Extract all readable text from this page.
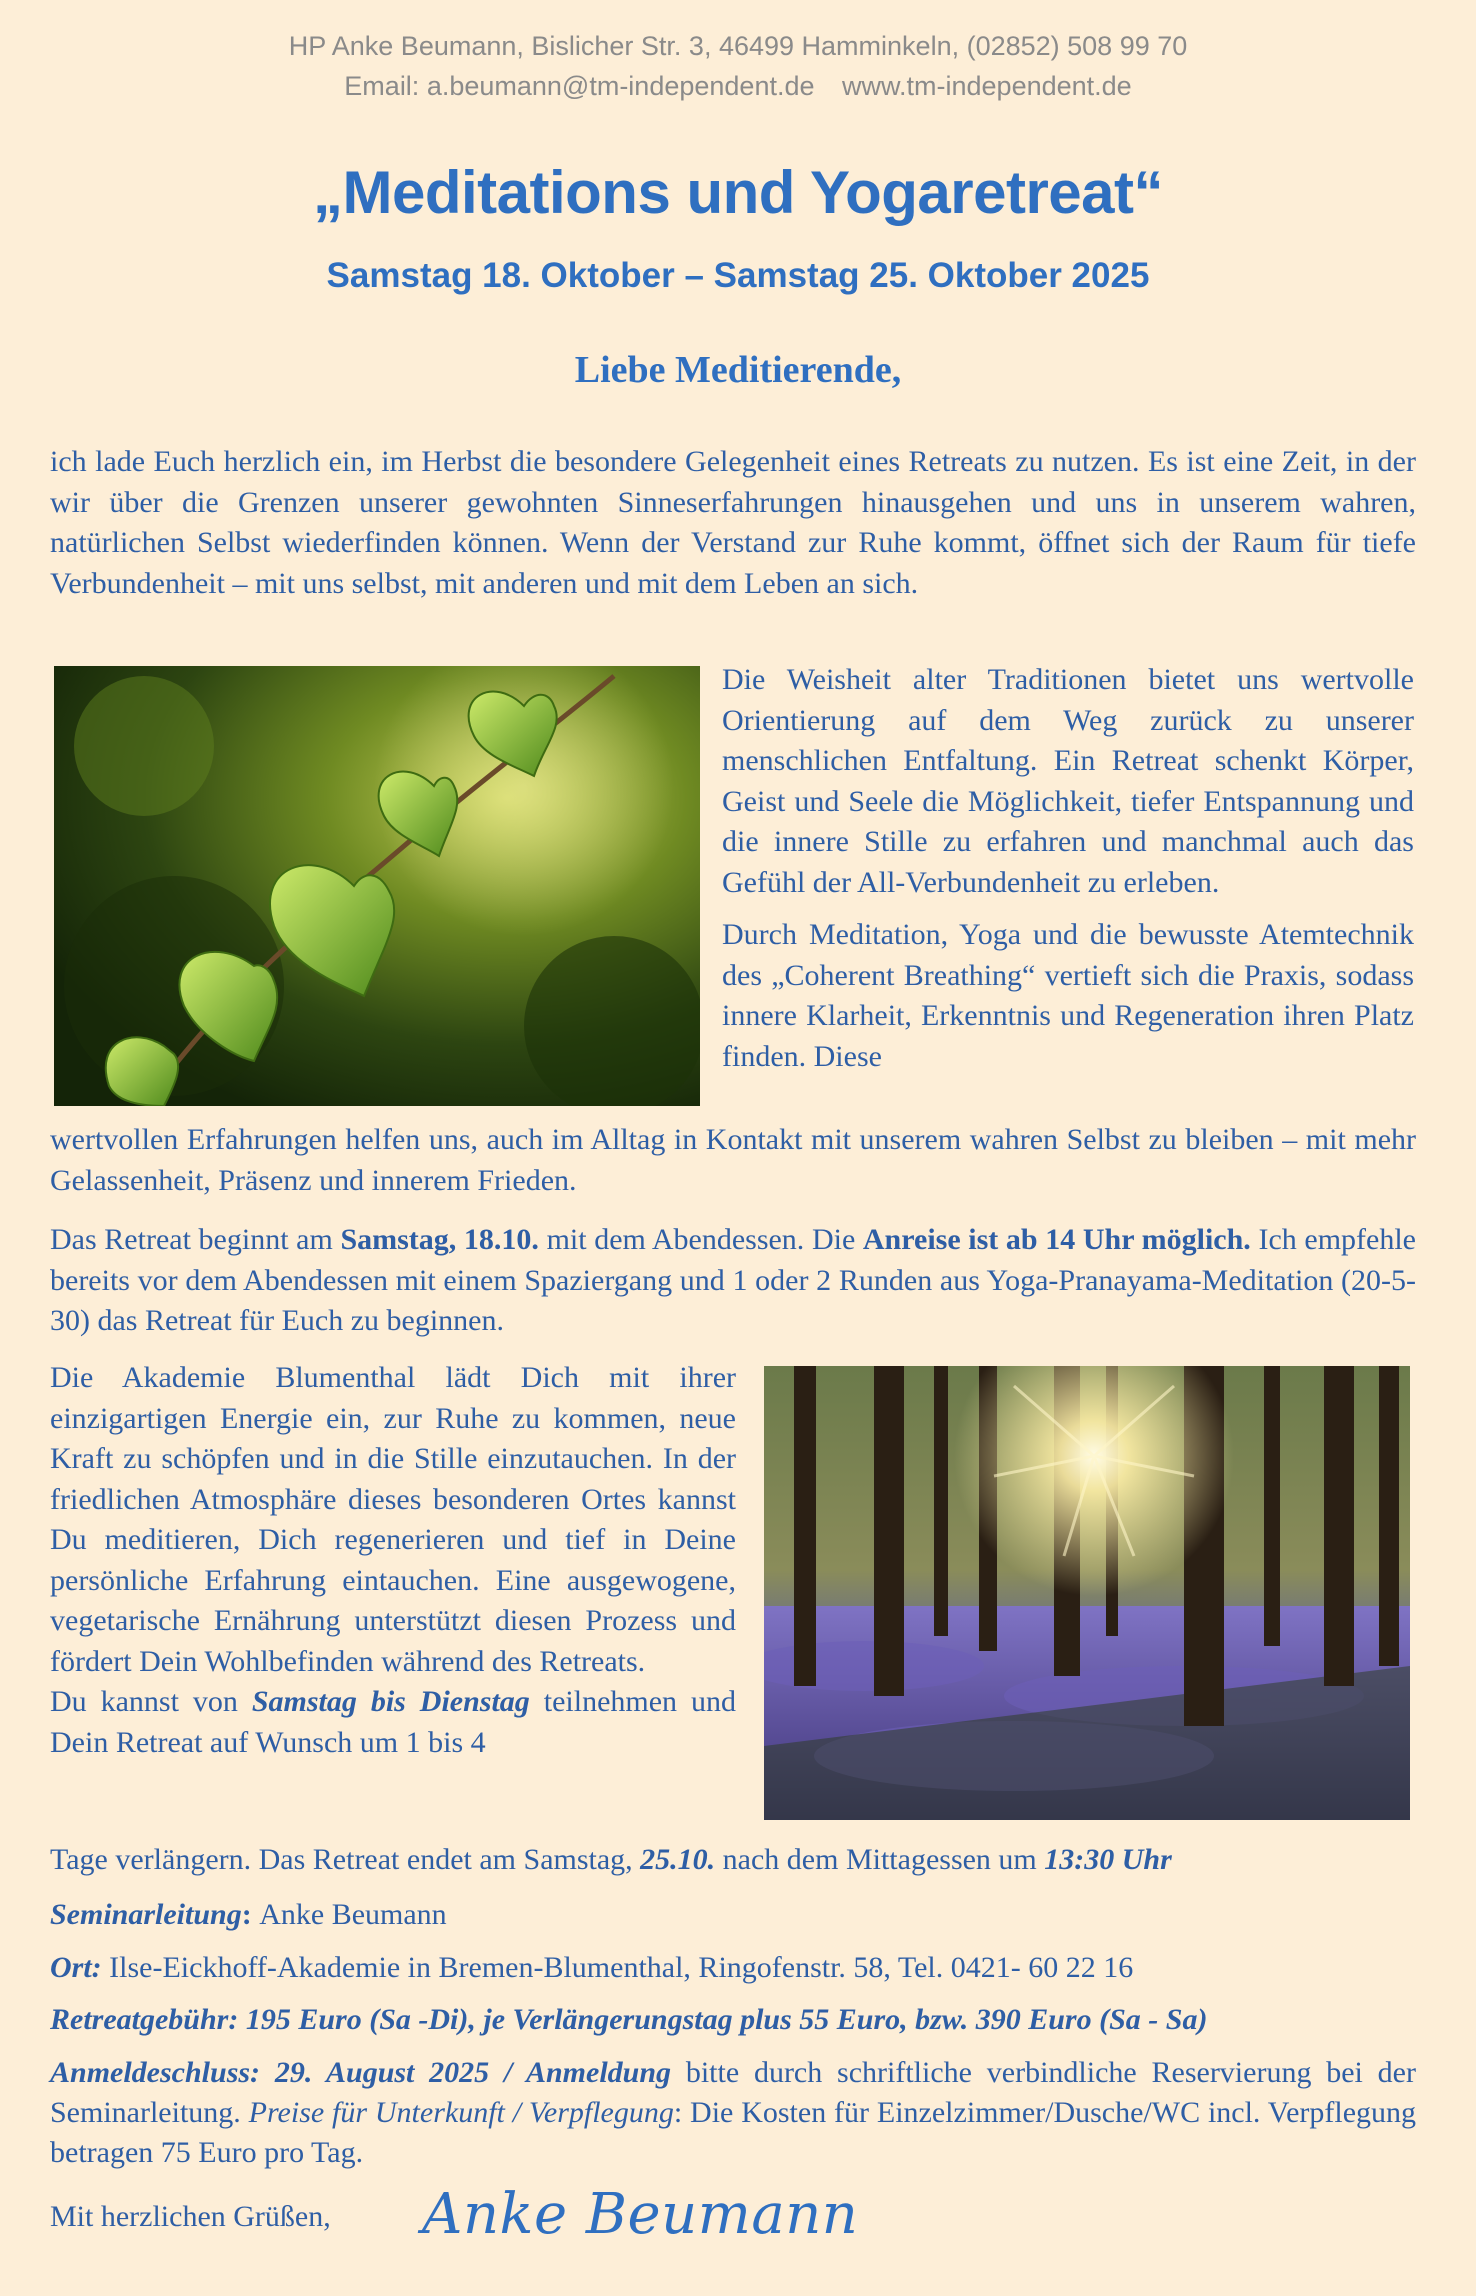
HP Anke Beumann, Bislicher Str. 3, 46499 Hamminkeln, (02852) 508 99 70
Email: a.beumann@tm-independent.de www.tm-independent.de
„Meditations und Yogaretreat“
Samstag 18. Oktober – Samstag 25. Oktober 2025
Liebe Meditierende,
ich lade Euch herzlich ein, im Herbst die besondere Gelegenheit eines Retreats zu nutzen. Es ist eine Zeit, in der wir über die Grenzen unserer gewohnten Sinneserfahrungen hinausgehen und uns in unserem wahren, natürlichen Selbst wiederfinden können. Wenn der Verstand zur Ruhe kommt, öffnet sich der Raum für tiefe Verbundenheit – mit uns selbst, mit anderen und mit dem Leben an sich.

Die Weisheit alter Traditionen bietet uns wertvolle Orientierung auf dem Weg zurück zu unserer menschlichen Entfaltung. Ein Retreat schenkt Körper, Geist und Seele die Möglichkeit, tiefer Entspannung und die innere Stille zu erfahren und manchmal auch das Gefühl der All-Verbundenheit zu erleben.

Durch Meditation, Yoga und die bewusste Atemtechnik des „Coherent Breathing“ vertieft sich die Praxis, sodass innere Klarheit, Erkenntnis und Regeneration ihren Platz finden. Diese

wertvollen Erfahrungen helfen uns, auch im Alltag in Kontakt mit unserem wahren Selbst zu bleiben – mit mehr Gelassenheit, Präsenz und innerem Frieden.
Das Retreat beginnt am Samstag, 18.10. mit dem Abendessen. Die Anreise ist ab 14 Uhr möglich. Ich empfehle bereits vor dem Abendessen mit einem Spaziergang und 1 oder 2 Runden aus Yoga-Pranayama-Meditation (20-5-30) das Retreat für Euch zu beginnen.
Die Akademie Blumenthal lädt Dich mit ihrer einzigartigen Energie ein, zur Ruhe zu kommen, neue Kraft zu schöpfen und in die Stille einzutauchen. In der friedlichen Atmosphäre dieses besonderen Ortes kannst Du meditieren, Dich regenerieren und tief in Deine persönliche Erfahrung eintauchen. Eine ausgewogene, vegetarische Ernährung unterstützt diesen Prozess und fördert Dein Wohlbefinden während des Retreats.
Du kannst von Samstag bis Dienstag teilnehmen und Dein Retreat auf Wunsch um 1 bis 4
Tage verlängern. Das Retreat endet am Samstag, 25.10. nach dem Mittagessen um 13:30 Uhr
Seminarleitung: Anke Beumann
Ort: Ilse-Eickhoff-Akademie in Bremen-Blumenthal, Ringofenstr. 58, Tel. 0421- 60 22 16
Retreatgebühr: 195 Euro (Sa -Di), je Verlängerungstag plus 55 Euro, bzw. 390 Euro (Sa - Sa)
Anmeldeschluss: 29. August 2025 / Anmeldung bitte durch schriftliche verbindliche Reservierung bei der Seminarleitung. Preise für Unterkunft / Verpflegung: Die Kosten für Einzelzimmer/Dusche/WC incl. Verpflegung betragen 75 Euro pro Tag.
Mit herzlichen Grüßen, Anke Beumann
